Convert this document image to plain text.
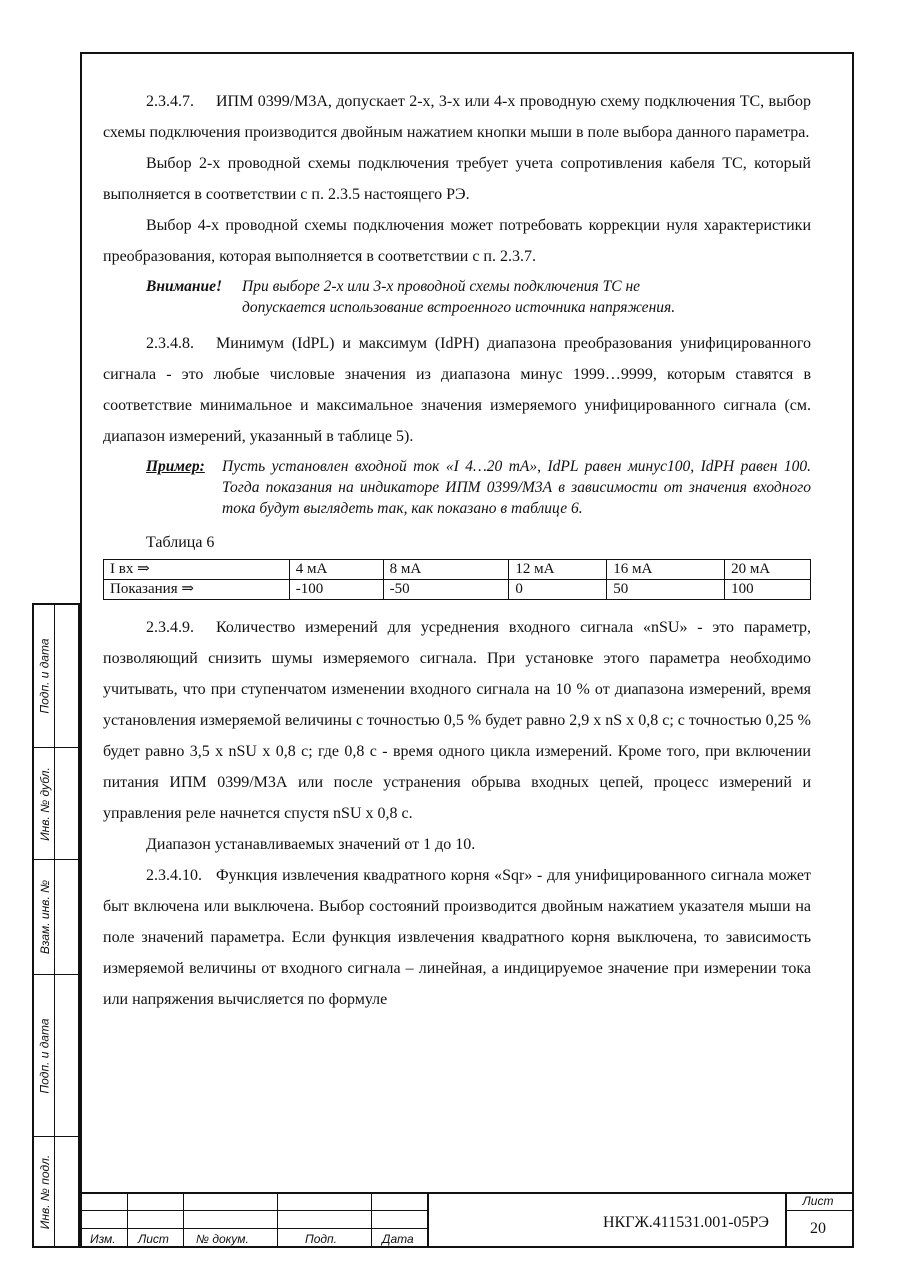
2.3.4.7. ИПМ 0399/М3А, допускает 2-х, 3-х или 4-х проводную схему подключения ТС, выбор схемы подключения производится двойным нажатием кнопки мыши в поле выбора данного параметра.

Выбор 2-х проводной схемы подключения требует учета сопротивления кабеля ТС, который выполняется в соответствии с п. 2.3.5 настоящего РЭ.

Выбор 4-х проводной схемы подключения может потребовать коррекции нуля характеристики преобразования, которая выполняется в соответствии с п. 2.3.7.

Внимание!	При выборе 2-х или 3-х проводной схемы подключения ТС не допускается использование встроенного источника напряжения.

2.3.4.8. Минимум (IdPL) и максимум (IdPH) диапазона преобразования унифицированного сигнала - это любые числовые значения из диапазона минус 1999…9999, которым ставятся в соответствие минимальное и максимальное значения измеряемого унифицированного сигнала (см. диапазон измерений, указанный в таблице 5).

Пример:	Пусть установлен входной ток «I 4…20 mA», IdPL равен минус100, IdPH равен 100. Тогда показания на индикаторе ИПМ 0399/М3А в зависимости от значения входного тока будут выглядеть так, как показано в таблице 6.
Таблица 6
I вх ⇒	4 мА	8 мА	12 мА	16 мА	20 мА
Показания ⇒	-100	-50	0	50	100

2.3.4.9. Количество измерений для усреднения входного сигнала «nSU» - это параметр, позволяющий снизить шумы измеряемого сигнала. При установке этого параметра необходимо учитывать, что при ступенчатом изменении входного сигнала на 10 % от диапазона измерений, время установления измеряемой величины с точностью 0,5 % будет равно 2,9 x nS x 0,8 с; с точностью 0,25 % будет равно 3,5 x nSU x 0,8 с; где 0,8 с - время одного цикла измерений. Кроме того, при включении питания ИПМ 0399/М3А или после устранения обрыва входных цепей, процесс измерений и управления реле начнется спустя nSU x 0,8 с.

Диапазон устанавливаемых значений от 1 до 10.

2.3.4.10. Функция извлечения квадратного корня «Sqr» - для унифицированного сигнала может быт включена или выключена. Выбор состояний производится двойным нажатием указателя мыши на поле значений параметра. Если функция извлечения квадратного корня выключена, то зависимость измеряемой величины от входного сигнала – линейная, а индицируемое значение при измерении тока или напряжения вычисляется по формуле

Подп. и дата
Инв. № дубл.
Взам. инв. №
Подп. и дата
Инв. № подл.
Изм. Лист № докум.	Подп.	Дата
НКГЖ.411531.001-05РЭ
Лист
20
